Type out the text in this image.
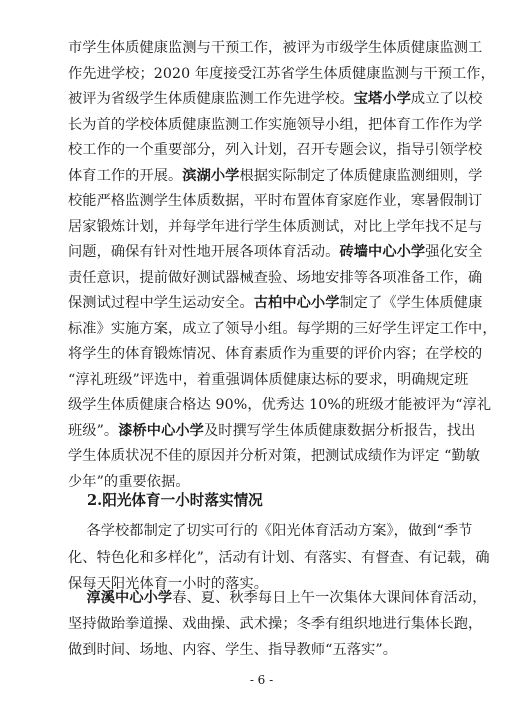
市学生体质健康监测与干预工作，被评为市级学生体质健康监测工
作先进学校；2020 年度接受江苏省学生体质健康监测与干预工作，
被评为省级学生体质健康监测工作先进学校。宝塔小学成立了以校
长为首的学校体质健康监测工作实施领导小组，把体育工作作为学
校工作的一个重要部分，列入计划，召开专题会议，指导引领学校
体育工作的开展。滨湖小学根据实际制定了体质健康监测细则，学
校能严格监测学生体质数据，平时布置体育家庭作业，寒暑假制订
居家锻炼计划，并每学年进行学生体质测试，对比上学年找不足与
问题，确保有针对性地开展各项体育活动。砖墙中心小学强化安全
责任意识，提前做好测试器械查验、场地安排等各项准备工作，确
保测试过程中学生运动安全。古柏中心小学制定了《学生体质健康
标准》实施方案，成立了领导小组。每学期的三好学生评定工作中，
将学生的体育锻炼情况、体育素质作为重要的评价内容；在学校的
“淳礼班级”评选中，着重强调体质健康达标的要求，明确规定班
级学生体质健康合格达 90%，优秀达 10%的班级才能被评为“淳礼
班级”。漆桥中心小学及时撰写学生体质健康数据分析报告，找出
学生体质状况不佳的原因并分析对策，把测试成绩作为评定 “勤敏
少年”的重要依据。
2.阳光体育一小时落实情况
各学校都制定了切实可行的《阳光体育活动方案》，做到“季节
化、特色化和多样化”，活动有计划、有落实、有督查、有记载，确
保每天阳光体育一小时的落实。
淳溪中心小学春、夏、秋季每日上午一次集体大课间体育活动，
坚持做跆拳道操、戏曲操、武术操；冬季有组织地进行集体长跑，
做到时间、场地、内容、学生、指导教师“五落实”。
- 6 -
